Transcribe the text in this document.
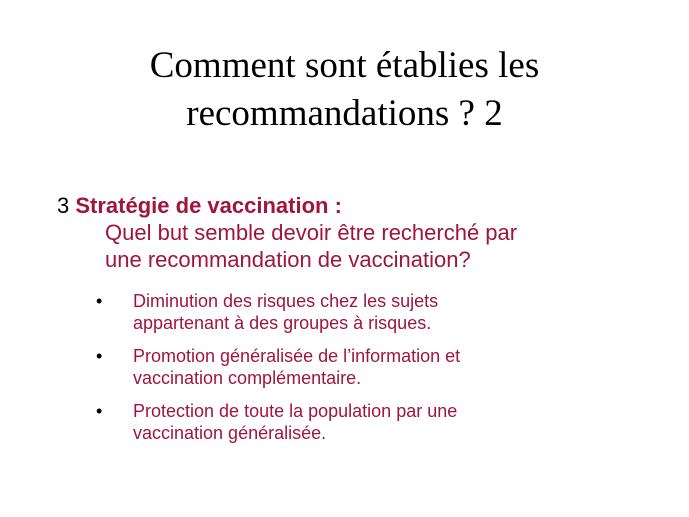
Comment sont établies les
recommandations ? 2
3 Stratégie de vaccination :
Quel but semble devoir être recherché par
une recommandation de vaccination?
• Diminution des risques chez les sujets
appartenant à des groupes à risques.
• Promotion généralisée de l’information et
vaccination complémentaire.
• Protection de toute la population par une
vaccination généralisée.
